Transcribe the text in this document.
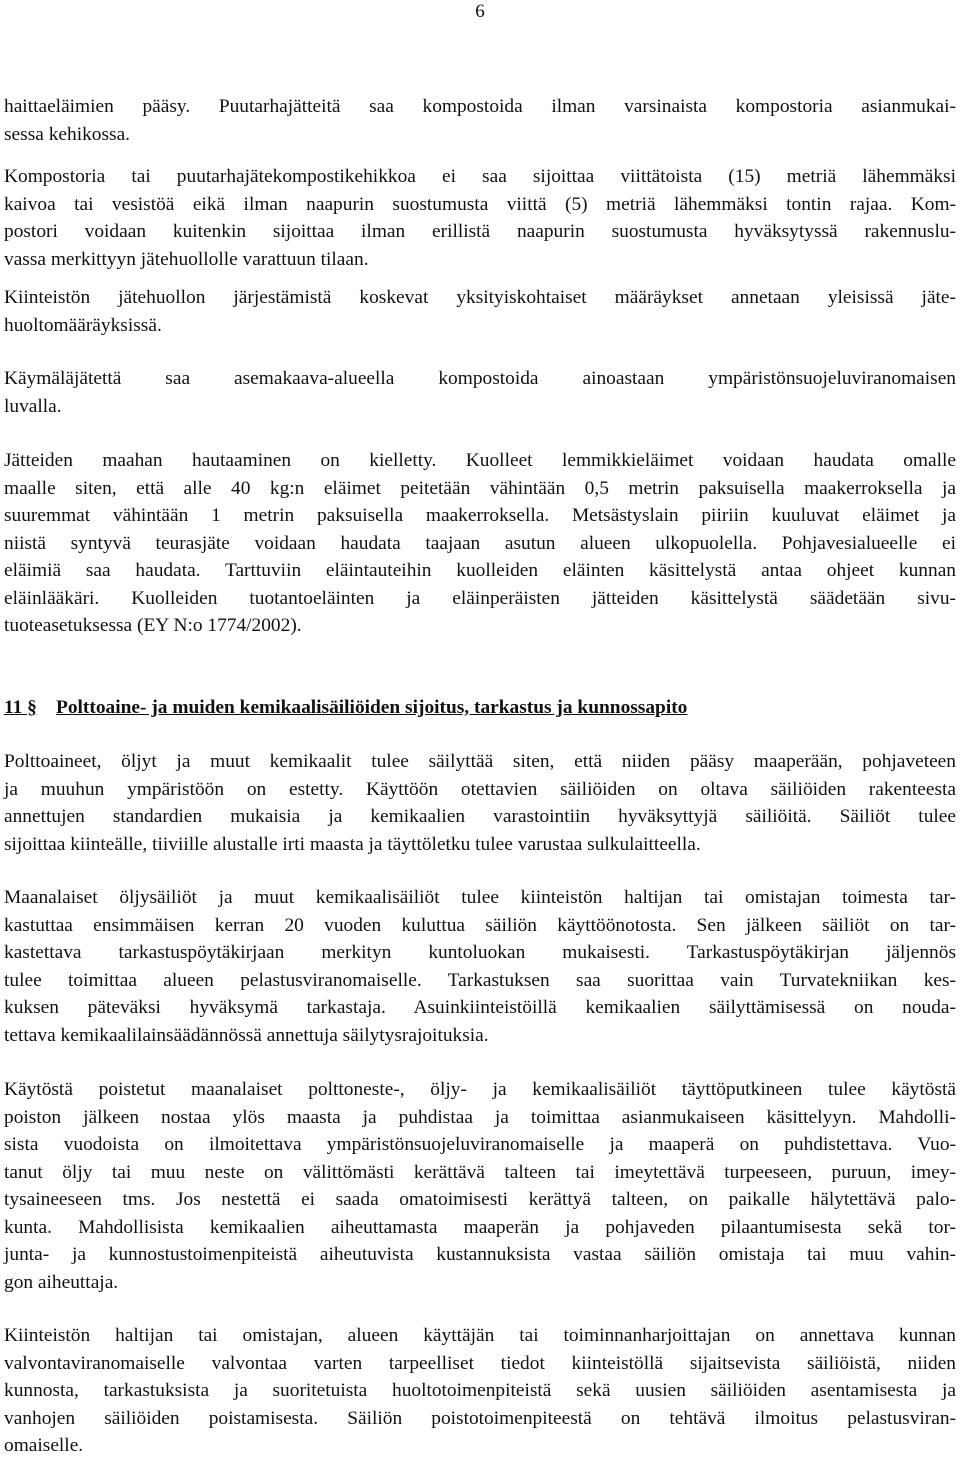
6

haittaeläimien pääsy. Puutarhajätteitä saa kompostoida ilman varsinaista kompostoria asianmukai-
sessa kehikossa.

Kompostoria tai puutarhajätekompostikehikkoa ei saa sijoittaa viittätoista (15) metriä lähemmäksi
kaivoa tai vesistöä eikä ilman naapurin suostumusta viittä (5) metriä lähemmäksi tontin rajaa. Kom-
postori voidaan kuitenkin sijoittaa ilman erillistä naapurin suostumusta hyväksytyssä rakennuslu-
vassa merkittyyn jätehuollolle varattuun tilaan.

Kiinteistön jätehuollon järjestämistä koskevat yksityiskohtaiset määräykset annetaan yleisissä jäte-
huoltomääräyksissä.

Käymäläjätettä saa asemakaava-alueella kompostoida ainoastaan ympäristönsuojeluviranomaisen
luvalla.

Jätteiden maahan hautaaminen on kielletty. Kuolleet lemmikkieläimet voidaan haudata omalle
maalle siten, että alle 40 kg:n eläimet peitetään vähintään 0,5 metrin paksuisella maakerroksella ja
suuremmat vähintään 1 metrin paksuisella maakerroksella. Metsästyslain piiriin kuuluvat eläimet ja
niistä syntyvä teurasjäte voidaan haudata taajaan asutun alueen ulkopuolella. Pohjavesialueelle ei
eläimiä saa haudata. Tarttuviin eläintauteihin kuolleiden eläinten käsittelystä antaa ohjeet kunnan
eläinlääkäri. Kuolleiden tuotantoeläinten ja eläinperäisten jätteiden käsittelystä säädetään sivu-
tuoteasetuksessa (EY N:o 1774/2002).

11 § Polttoaine- ja muiden kemikaalisäiliöiden sijoitus, tarkastus ja kunnossapito

Polttoaineet, öljyt ja muut kemikaalit tulee säilyttää siten, että niiden pääsy maaperään, pohjaveteen
ja muuhun ympäristöön on estetty. Käyttöön otettavien säiliöiden on oltava säiliöiden rakenteesta
annettujen standardien mukaisia ja kemikaalien varastointiin hyväksyttyjä säiliöitä. Säiliöt tulee
sijoittaa kiinteälle, tiiviille alustalle irti maasta ja täyttöletku tulee varustaa sulkulaitteella.

Maanalaiset öljysäiliöt ja muut kemikaalisäiliöt tulee kiinteistön haltijan tai omistajan toimesta tar-
kastuttaa ensimmäisen kerran 20 vuoden kuluttua säiliön käyttöönotosta. Sen jälkeen säiliöt on tar-
kastettava tarkastuspöytäkirjaan merkityn kuntoluokan mukaisesti. Tarkastuspöytäkirjan jäljennös
tulee toimittaa alueen pelastusviranomaiselle. Tarkastuksen saa suorittaa vain Turvatekniikan kes-
kuksen päteväksi hyväksymä tarkastaja. Asuinkiinteistöillä kemikaalien säilyttämisessä on nouda-
tettava kemikaalilainsäädännössä annettuja säilytysrajoituksia.

Käytöstä poistetut maanalaiset polttoneste-, öljy- ja kemikaalisäiliöt täyttöputkineen tulee käytöstä
poiston jälkeen nostaa ylös maasta ja puhdistaa ja toimittaa asianmukaiseen käsittelyyn. Mahdolli-
sista vuodoista on ilmoitettava ympäristönsuojeluviranomaiselle ja maaperä on puhdistettava. Vuo-
tanut öljy tai muu neste on välittömästi kerättävä talteen tai imeytettävä turpeeseen, puruun, imey-
tysaineeseen tms. Jos nestettä ei saada omatoimisesti kerättyä talteen, on paikalle hälytettävä palo-
kunta. Mahdollisista kemikaalien aiheuttamasta maaperän ja pohjaveden pilaantumisesta sekä tor-
junta- ja kunnostustoimenpiteistä aiheutuvista kustannuksista vastaa säiliön omistaja tai muu vahin-
gon aiheuttaja.

Kiinteistön haltijan tai omistajan, alueen käyttäjän tai toiminnanharjoittajan on annettava kunnan
valvontaviranomaiselle valvontaa varten tarpeelliset tiedot kiinteistöllä sijaitsevista säiliöistä, niiden
kunnosta, tarkastuksista ja suoritetuista huoltotoimenpiteistä sekä uusien säiliöiden asentamisesta ja
vanhojen säiliöiden poistamisesta. Säiliön poistotoimenpiteestä on tehtävä ilmoitus pelastusviran-
omaiselle.
